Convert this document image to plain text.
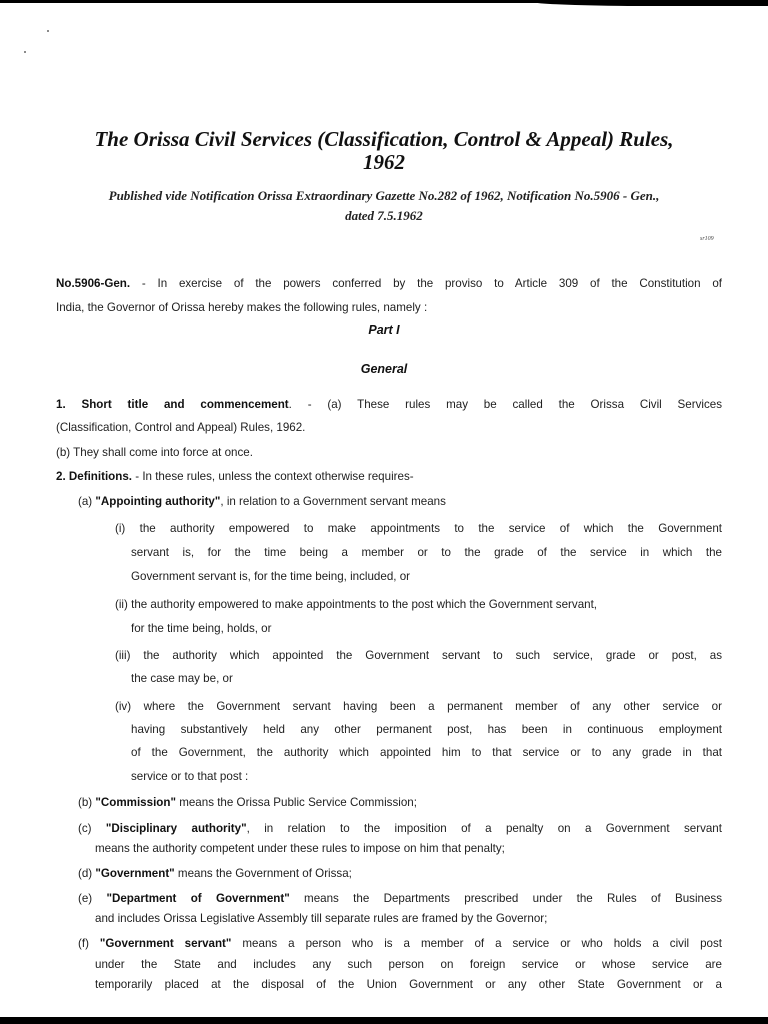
The Orissa Civil Services (Classification, Control & Appeal) Rules,
1962
Published vide Notification Orissa Extraordinary Gazette No.282 of 1962, Notification No.5906 - Gen.,
dated 7.5.1962
sr109
No.5906-Gen. - In exercise of the powers conferred by the proviso to Article 309 of the Constitution of
India, the Governor of Orissa hereby makes the following rules, namely :
Part I
General
1. Short title and commencement. - (a) These rules may be called the Orissa Civil Services
(Classification, Control and Appeal) Rules, 1962.
(b) They shall come into force at once.
2. Definitions. - In these rules, unless the context otherwise requires-
(a) "Appointing authority", in relation to a Government servant means
(i) the authority empowered to make appointments to the service of which the Government
servant is, for the time being a member or to the grade of the service in which the
Government servant is, for the time being, included, or
(ii) the authority empowered to make appointments to the post which the Government servant,
for the time being, holds, or
(iii) the authority which appointed the Government servant to such service, grade or post, as
the case may be, or
(iv) where the Government servant having been a permanent member of any other service or
having substantively held any other permanent post, has been in continuous employment
of the Government, the authority which appointed him to that service or to any grade in that
service or to that post :
(b) "Commission" means the Orissa Public Service Commission;
(c) "Disciplinary authority", in relation to the imposition of a penalty on a Government servant
means the authority competent under these rules to impose on him that penalty;
(d) "Government" means the Government of Orissa;
(e) "Department of Government" means the Departments prescribed under the Rules of Business
and includes Orissa Legislative Assembly till separate rules are framed by the Governor;
(f) "Government servant" means a person who is a member of a service or who holds a civil post
under the State and includes any such person on foreign service or whose service are
temporarily placed at the disposal of the Union Government or any other State Government or a
